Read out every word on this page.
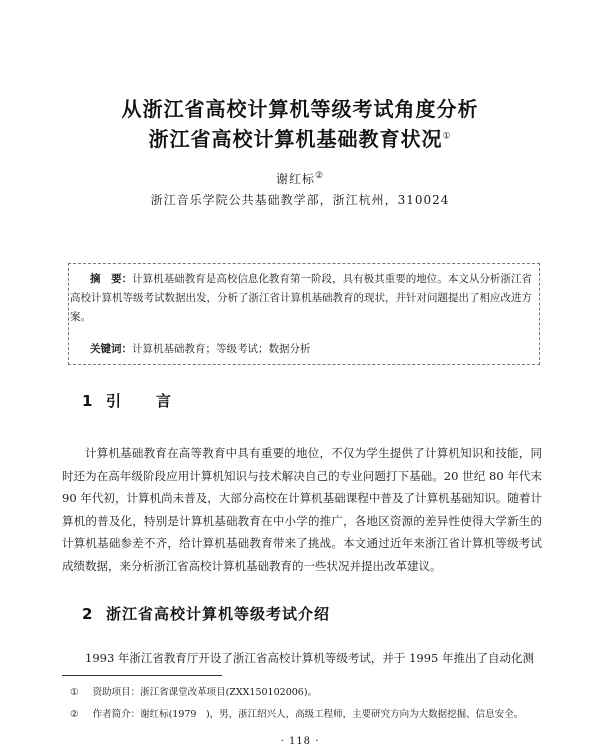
从浙江省高校计算机等级考试角度分析
浙江省高校计算机基础教育状况①
谢红标②
浙江音乐学院公共基础教学部，浙江杭州，310024
摘　要：计算机基础教育是高校信息化教育第一阶段，具有极其重要的地位。本文从分析浙江省高校计算机等级考试数据出发，分析了浙江省计算机基础教育的现状，并针对问题提出了相应改进方案。
关键词：计算机基础教育；等级考试；数据分析
1 引　言
计算机基础教育在高等教育中具有重要的地位，不仅为学生提供了计算机知识和技能，同时还为在高年级阶段应用计算机知识与技术解决自己的专业问题打下基础。20 世纪 80 年代末 90 年代初，计算机尚未普及，大部分高校在计算机基础课程中普及了计算机基础知识。随着计算机的普及化，特别是计算机基础教育在中小学的推广，各地区资源的差异性使得大学新生的计算机基础参差不齐，给计算机基础教育带来了挑战。本文通过近年来浙江省计算机等级考试成绩数据，来分析浙江省高校计算机基础教育的一些状况并提出改革建议。
2 浙江省高校计算机等级考试介绍
1993 年浙江省教育厅开设了浙江省高校计算机等级考试，并于 1995 年推出了自动化测
① 资助项目：浙江省课堂改革项目(ZXX150102006)。
② 作者简介：谢红标(1979　)，男，浙江绍兴人，高级工程师，主要研究方向为大数据挖掘、信息安全。
· 118 ·
